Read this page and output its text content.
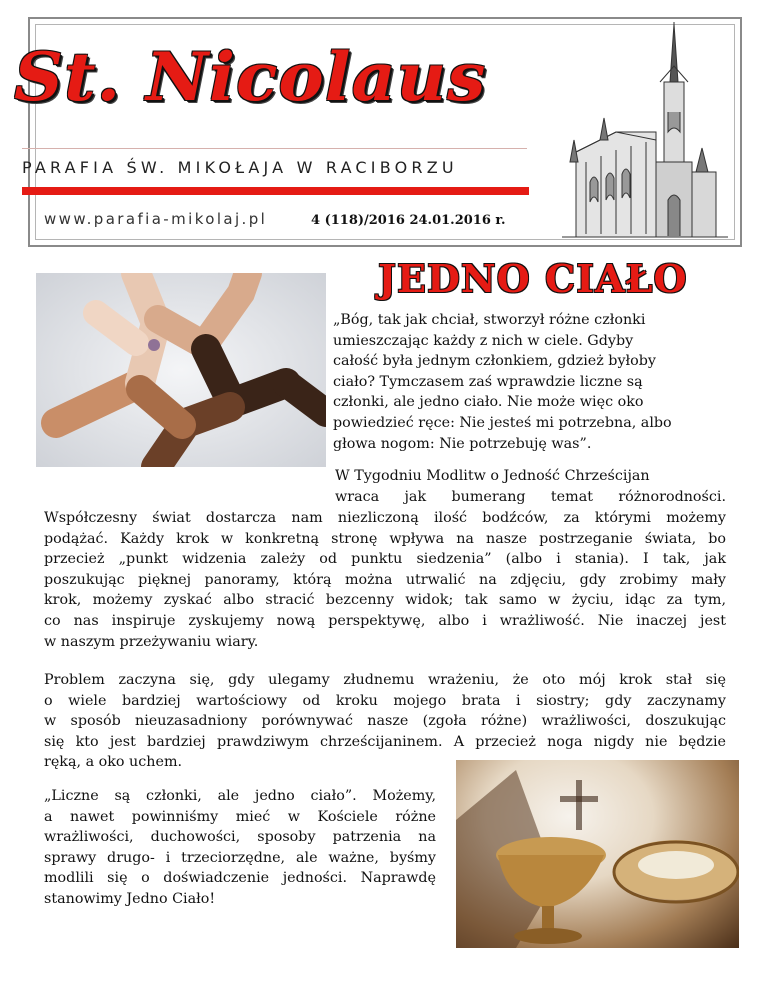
St. Nicolaus
PARAFIA ŚW. MIKOŁAJA W RACIBORZU
www.parafia-mikolaj.pl	4 (118)/2016 24.01.2016 r.
JEDNO CIAŁO
„Bóg, tak jak chciał, stworzył różne członki
umieszczając każdy z nich w ciele. Gdyby
całość była jednym członkiem, gdzież byłoby
ciało? Tymczasem zaś wprawdzie liczne są
członki, ale jedno ciało. Nie może więc oko
powiedzieć ręce: Nie jesteś mi potrzebna, albo
głowa nogom: Nie potrzebuję was”.
W Tygodniu Modlitw o Jedność Chrześcijan
wraca jak bumerang temat różnorodności.
Współczesny świat dostarcza nam niezliczoną ilość bodźców, za którymi możemy
podążać. Każdy krok w konkretną stronę wpływa na nasze postrzeganie świata, bo
przecież „punkt widzenia zależy od punktu siedzenia” (albo i stania). I tak, jak
poszukując pięknej panoramy, którą można utrwalić na zdjęciu, gdy zrobimy mały
krok, możemy zyskać albo stracić bezcenny widok; tak samo w życiu, idąc za tym,
co nas inspiruje zyskujemy nową perspektywę, albo i wrażliwość. Nie inaczej jest
w naszym przeżywaniu wiary.
Problem zaczyna się, gdy ulegamy złudnemu wrażeniu, że oto mój krok stał się
o wiele bardziej wartościowy od kroku mojego brata i siostry; gdy zaczynamy
w sposób nieuzasadniony porównywać nasze (zgoła różne) wrażliwości, doszukując
się kto jest bardziej prawdziwym chrześcijaninem. A przecież noga nigdy nie będzie
ręką, a oko uchem.
„Liczne są członki, ale jedno ciało”. Możemy,
a nawet powinniśmy mieć w Kościele różne
wrażliwości, duchowości, sposoby patrzenia na
sprawy drugo- i trzeciorzędne, ale ważne, byśmy
modlili się o doświadczenie jedności. Naprawdę
stanowimy Jedno Ciało!
